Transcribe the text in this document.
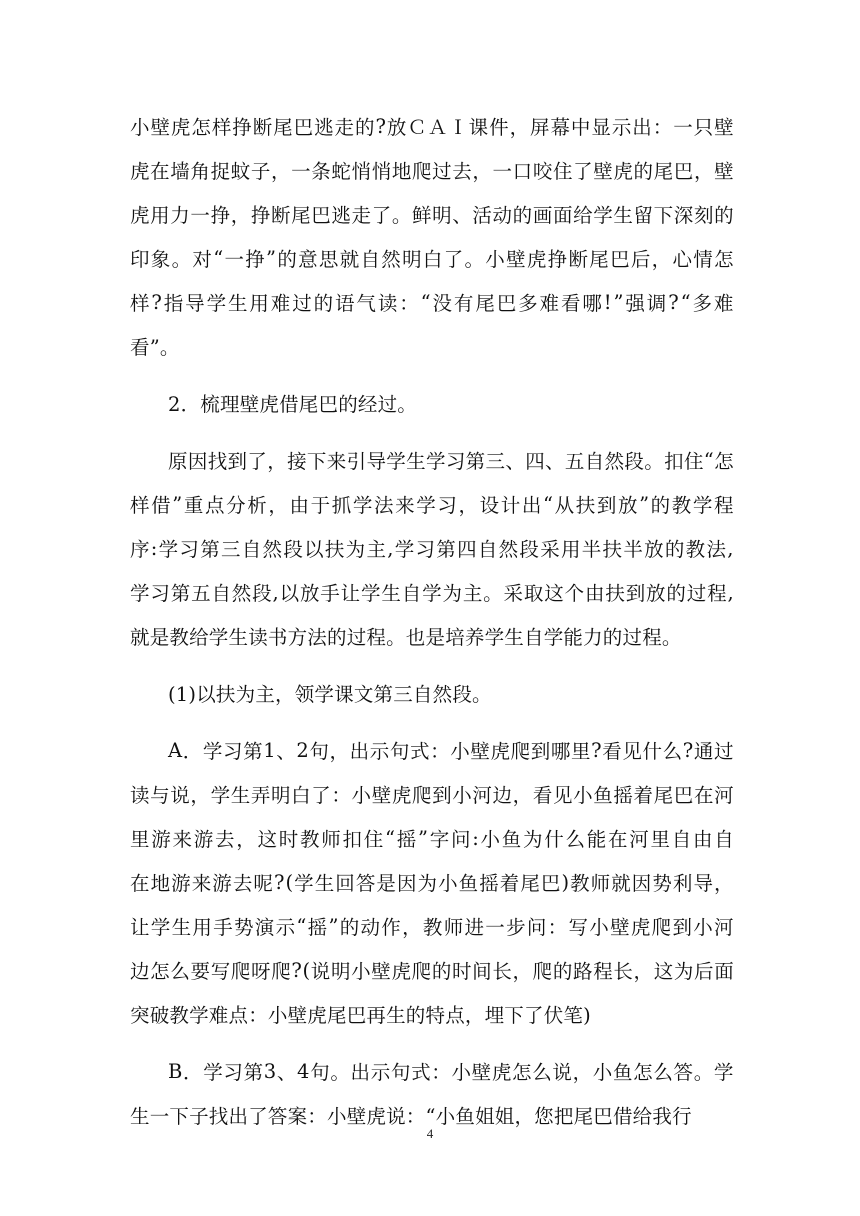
小 壁 虎 怎 样 挣 断 尾 巴 逃 走 的 ? 放 Ｃ Ａ Ｉ 课 件 ， 屏 幕 中 显 示 出 ： 一 只 壁
虎 在 墙 角 捉 蚊 子 ， 一 条 蛇 悄 悄 地 爬 过 去 ， 一 口 咬 住 了 壁 虎 的 尾 巴 ， 壁
虎 用 力 一 挣 ， 挣 断 尾 巴 逃 走 了 。 鲜 明 、 活 动 的 画 面 给 学 生 留 下 深 刻 的
印 象 。 对 “ 一 挣 ” 的 意 思 就 自 然 明 白 了 。 小 壁 虎 挣 断 尾 巴 后 ， 心 情 怎
样 ? 指 导 学 生 用 难 过 的 语 气 读 ： “ 没 有 尾 巴 多 难 看 哪 ! ” 强 调 ? “ 多 难
看”。
2．梳理壁虎借尾巴的经过。
原 因 找 到 了 ， 接 下 来 引 导 学 生 学 习 第 三 、 四 、 五 自 然 段 。 扣 住 “ 怎
样 借 ” 重 点 分 析 ， 由 于 抓 学 法 来 学 习 ， 设 计 出 “ 从 扶 到 放 ” 的 教 学 程
序 : 学 习 第 三 自 然 段 以 扶 为 主 , 学 习 第 四 自 然 段 采 用 半 扶 半 放 的 教 法 ,
学 习 第 五 自 然 段 , 以 放 手 让 学 生 自 学 为 主 。 采 取 这 个 由 扶 到 放 的 过 程 ,
就是教给学生读书方法的过程。也是培养学生自学能力的过程。
(1)以扶为主，领学课文第三自然段。
A ． 学 习 第 1 、 2 句 ， 出 示 句 式 ： 小 壁 虎 爬 到 哪 里 ? 看 见 什 么 ? 通 过
读 与 说 ， 学 生 弄 明 白 了 ： 小 壁 虎 爬 到 小 河 边 ， 看 见 小 鱼 摇 着 尾 巴 在 河
里 游 来 游 去 ， 这 时 教 师 扣 住 “ 摇 ” 字 问 : 小 鱼 为 什 么 能 在 河 里 自 由 自
在 地 游 来 游 去 呢 ? ( 学 生 回 答 是 因 为 小 鱼 摇 着 尾 巴 ) 教 师 就 因 势 利 导 ，
让 学 生 用 手 势 演 示 “ 摇 ” 的 动 作 ， 教 师 进 一 步 问 ： 写 小 壁 虎 爬 到 小 河
边 怎 么 要 写 爬 呀 爬 ? ( 说 明 小 壁 虎 爬 的 时 间 长 ， 爬 的 路 程 长 ， 这 为 后 面
突破教学难点：小壁虎尾巴再生的特点，埋下了伏笔)
B ． 学 习 第 3 、 4 句 。 出 示 句 式 ： 小 壁 虎 怎 么 说 ， 小 鱼 怎 么 答 。 学
生一下子找出了答案：小壁虎说：“小鱼姐姐，您把尾巴借给我行
4
